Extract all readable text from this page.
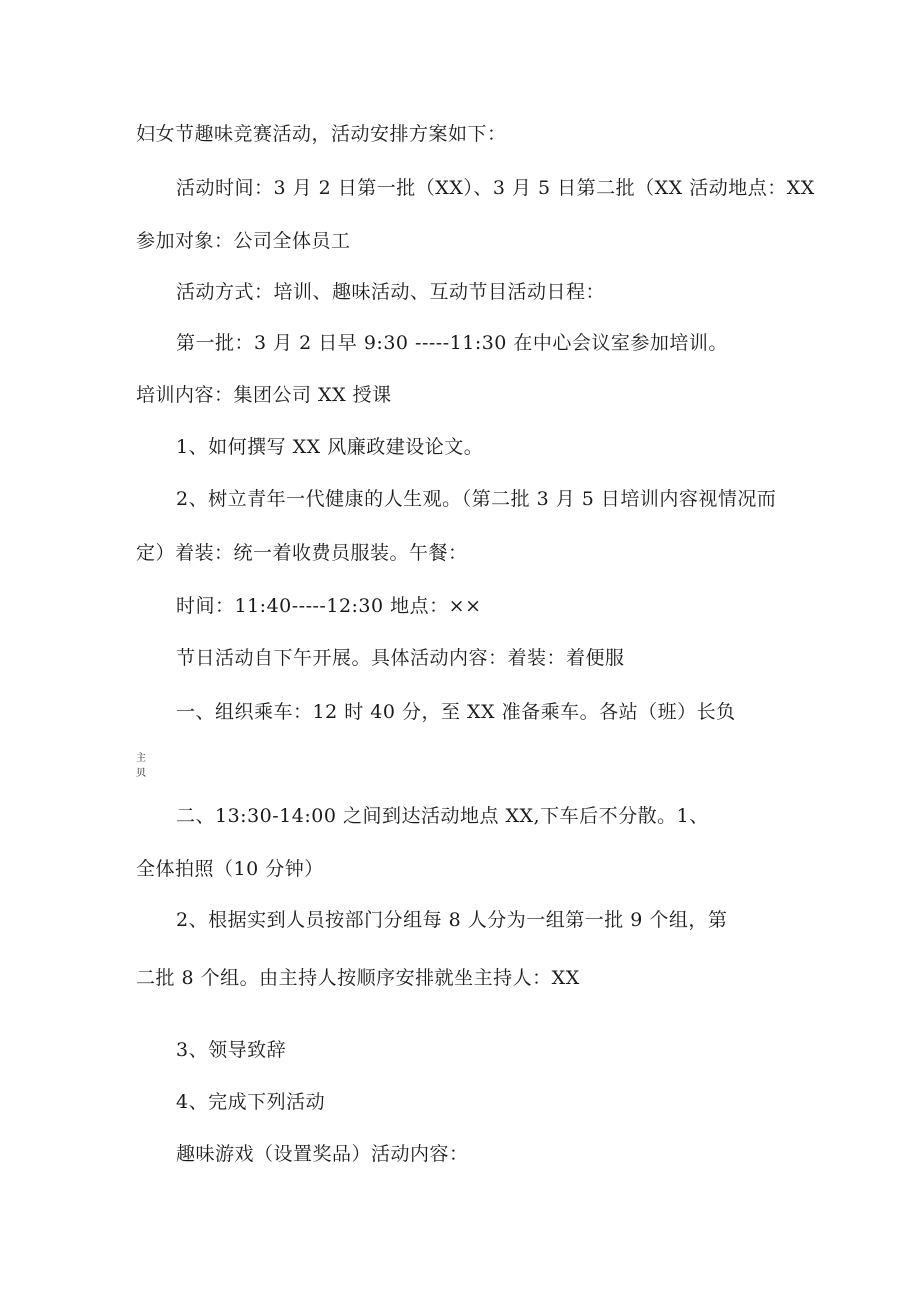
妇女节趣味竞赛活动，活动安排方案如下：
活动时间：3 月 2 日第一批（XX）、3 月 5 日第二批（XX 活动地点：XX
参加对象：公司全体员工
活动方式：培训、趣味活动、互动节目活动日程：
第一批：3 月 2 日早 9:30 -----11:30 在中心会议室参加培训。
培训内容：集团公司 XX 授课
1、如何撰写 XX 风廉政建设论文。
2、树立青年一代健康的人生观。（第二批 3 月 5 日培训内容视情况而
定）着装：统一着收费员服装。午餐：
时间：11:40-----12:30 地点：××
节日活动自下午开展。具体活动内容：着装：着便服
一、组织乘车：12 时 40 分，至 XX 准备乘车。各站（班）长负
主
贝
二、13:30-14:00 之间到达活动地点 XX,下车后不分散。1、
全体拍照（10 分钟）
2、根据实到人员按部门分组每 8 人分为一组第一批 9 个组，第
二批 8 个组。由主持人按顺序安排就坐主持人：XX
3、领导致辞
4、完成下列活动
趣味游戏（设置奖品）活动内容：
